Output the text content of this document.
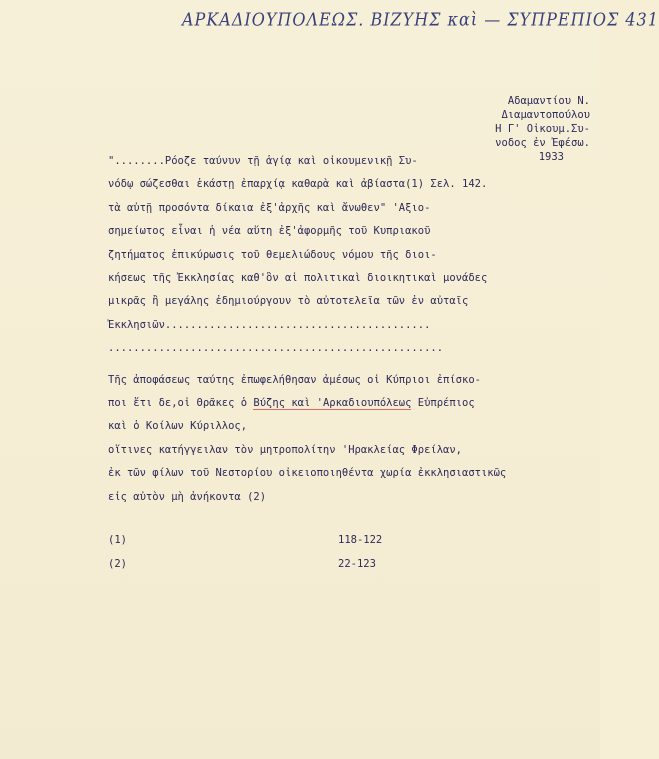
ΑΡΚΑΔΙΟΥΠΟΛΕΩΣ. ΒΙΖΥΗΣ καὶ — ΣΥΠΡΕΠΙΟΣ 431
Αδαμαντίου Ν.
Διαμαντοπούλου
Η Γ' Οἰκουμ.Συ-
νοδος ἐν Ἐφέσω.
1933
"........Ρόοζε ταύνυν τῇ ἁγίᾳ καὶ οἰκουμενικῇ Συ-
νόδῳ σώζεσθαι ἑκάστῃ ἐπαρχίᾳ καθαρὰ καὶ ἀβίαστα(1) Σελ. 142.
τὰ αὐτῇ προσόντα δίκαια ἐξ'ἀρχῆς καὶ ἄνωθεν" 'Αξιο-
σημείωτος εἶναι ἡ νέα αὕτη ἐξ'ἀφορμῆς τοῦ Κυπριακοῦ
ζητήματος ἐπικύρωσις τοῦ θεμελιώδους νόμου τῆς διοι-
κήσεως τῆς Ἐκκλησίας καθ'ὃν αἱ πολιτικαὶ διοικητικαὶ μονάδες
μικρᾶς ἢ μεγάλης ἐδημιούργουν τὸ αὐτοτελεῖα τῶν ἐν αὐταῖς
Ἐκκλησιῶν..........................................
.....................................................
Τῆς ἀποφάσεως ταύτης ἐπωφελήθησαν ἀμέσως οἱ Κύπριοι ἐπίσκο-
ποι ἔτι δε,οἱ Θρᾶκες ὁ Βύζης καὶ 'Αρκαδιουπόλεως Εὐπρέπιος
καὶ ὁ Κοίλων Κύριλλος,
οἵτινες κατήγγειλαν τὸν μητροπολίτην 'Ηρακλείας Φρείλαν,
ἐκ τῶν φίλων τοῦ Νεστορίου οἰκειοποιηθέντα χωρία ἐκκλησιαστικῶς
εἰς αὐτὸν μὴ ἀνήκοντα (2)
(1)	118-122
(2)	22-123
